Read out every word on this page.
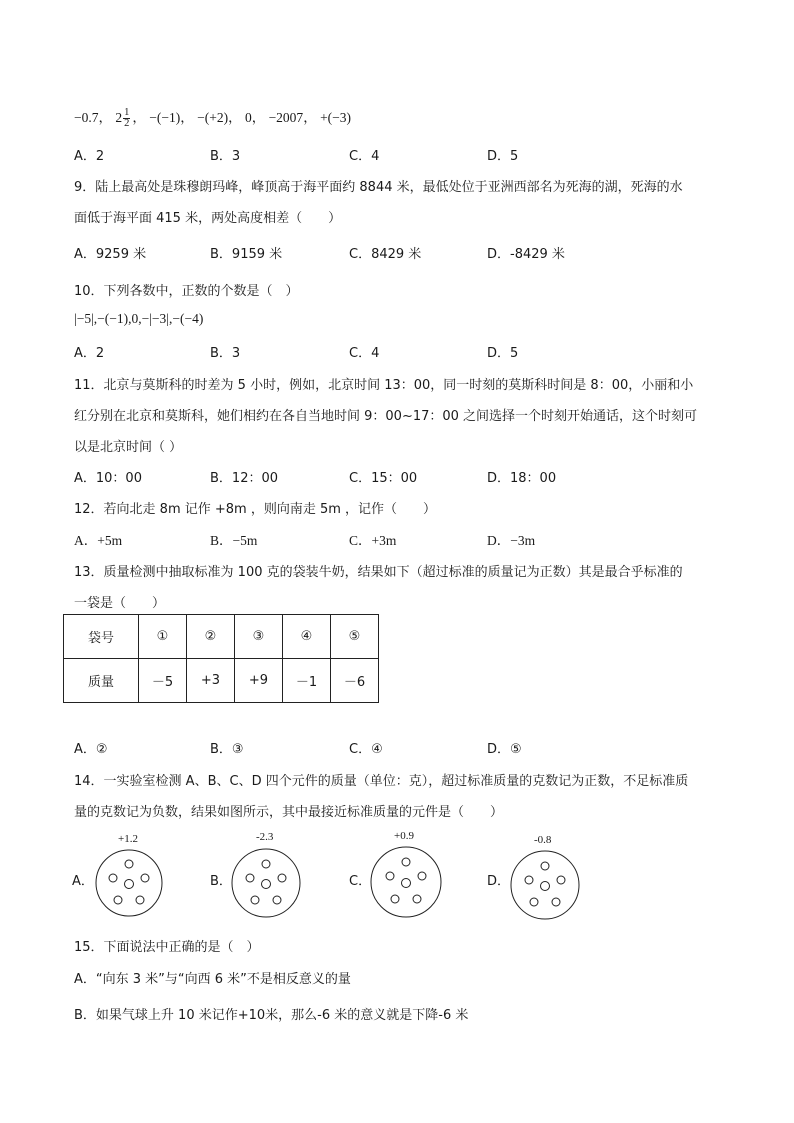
−0.7， $2 \frac{1}{2}$ ， −(−1)， −(+2)， 0， −2007， +(−3)
A．2	B．3	C．4	D．5
9．陆上最高处是珠穆朗玛峰，峰顶高于海平面约 8844 米，最低处位于亚洲西部名为死海的湖，死海的水
面低于海平面 415 米，两处高度相差（　　）
A．9259 米	B．9159 米	C．8429 米	D．-8429 米
10．下列各数中，正数的个数是（　）
|−5|,−(−1),0,−|−3|,−(−4)
A．2	B．3	C．4	D．5
11．北京与莫斯科的时差为 5 小时，例如，北京时间 13：00，同一时刻的莫斯科时间是 8：00，小丽和小
红分别在北京和莫斯科，她们相约在各自当地时间 9：00~17：00 之间选择一个时刻开始通话，这个时刻可
以是北京时间（ ）
A．10：00	B．12：00	C．15：00	D．18：00
12．若向北走 8m 记作 +8m ，则向南走 5m ，记作（　　）
A．+5m	B．−5m	C．+3m	D．−3m
13．质量检测中抽取标准为 100 克的袋装牛奶，结果如下（超过标准的质量记为正数）其是最合乎标准的
一袋是（　　）
袋号	①	②	③	④	⑤
质量	－5	+3	+9	－1	－6
A．②	B．③	C．④	D．⑤
14．一实验室检测 A、B、C、D 四个元件的质量（单位：克），超过标准质量的克数记为正数，不足标准质
量的克数记为负数，结果如图所示，其中最接近标准质量的元件是（　　）
A．
+1.2
B．
-2.3
C．
+0.9
D．
-0.8
15．下面说法中正确的是（　）
A．“向东 3 米”与“向西 6 米”不是相反意义的量
B．如果气球上升 10 米记作+10米，那么-6 米的意义就是下降-6 米
